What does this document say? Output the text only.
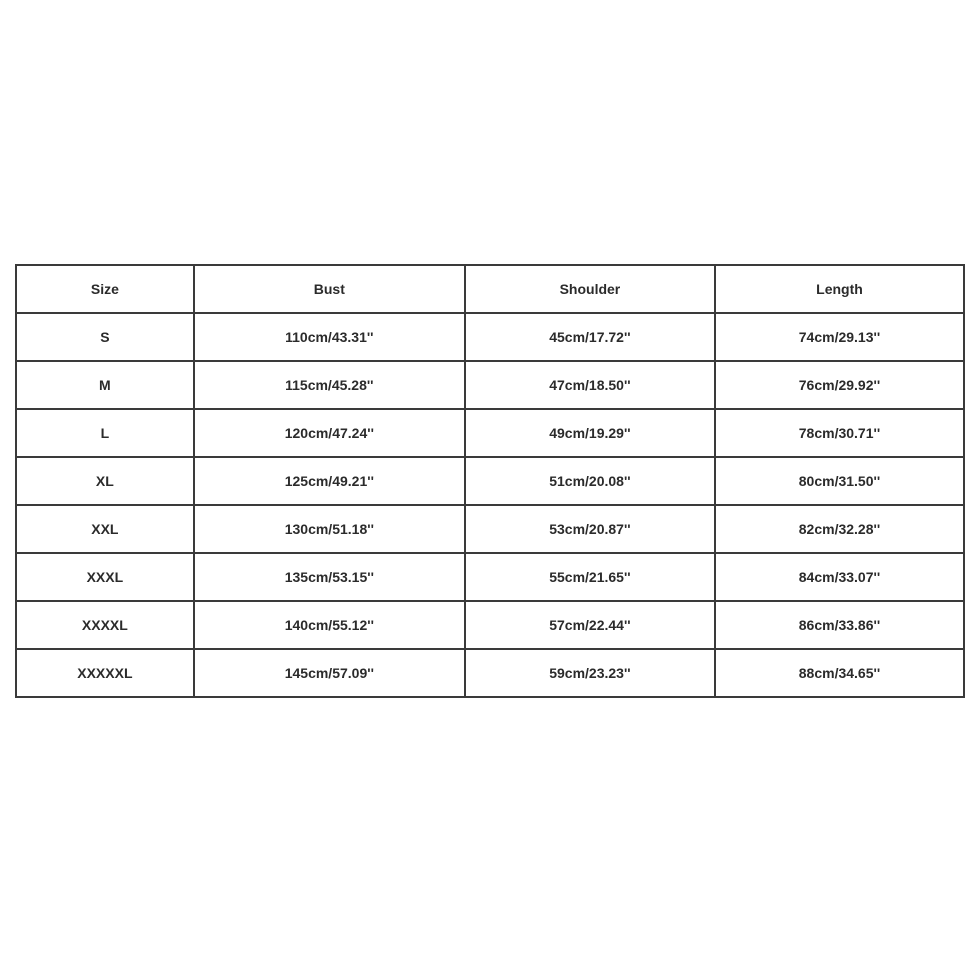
Size	Bust	Shoulder	Length
S	110cm/43.31''	45cm/17.72''	74cm/29.13''
M	115cm/45.28''	47cm/18.50''	76cm/29.92''
L	120cm/47.24''	49cm/19.29''	78cm/30.71''
XL	125cm/49.21''	51cm/20.08''	80cm/31.50''
XXL	130cm/51.18''	53cm/20.87''	82cm/32.28''
XXXL	135cm/53.15''	55cm/21.65''	84cm/33.07''
XXXXL	140cm/55.12''	57cm/22.44''	86cm/33.86''
XXXXXL	145cm/57.09''	59cm/23.23''	88cm/34.65''
